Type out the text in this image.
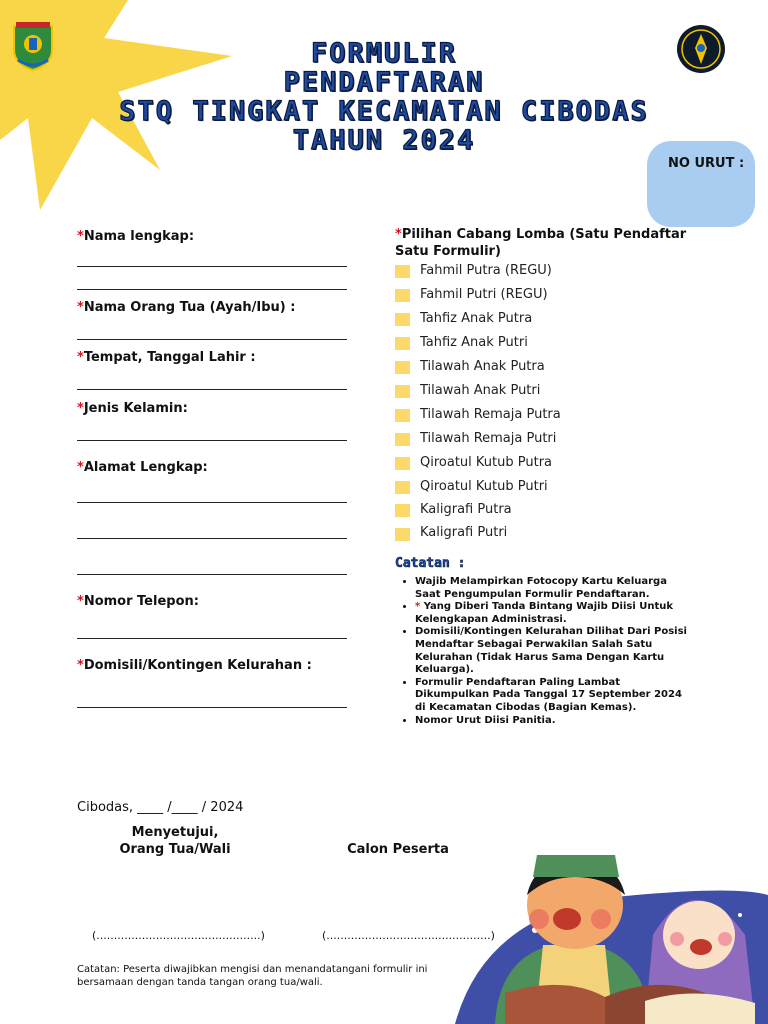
FORMULIR
PENDAFTARAN
STQ TINGKAT KECAMATAN CIBODAS
TAHUN 2024
NO URUT :
*Nama lengkap:
*Nama Orang Tua (Ayah/Ibu) :
*Tempat, Tanggal Lahir :
*Jenis Kelamin:
*Alamat Lengkap:
*Nomor Telepon:
*Domisili/Kontingen Kelurahan :
*Pilihan Cabang Lomba (Satu Pendaftar Satu Formulir)
Fahmil Putra (REGU)
Fahmil Putri (REGU)
Tahfiz Anak Putra
Tahfiz Anak Putri
Tilawah Anak Putra
Tilawah Anak Putri
Tilawah Remaja Putra
Tilawah Remaja Putri
Qiroatul Kutub Putra
Qiroatul Kutub Putri
Kaligrafi Putra
Kaligrafi Putri
Catatan :
• Wajib Melampirkan Fotocopy Kartu Keluarga Saat Pengumpulan Formulir Pendaftaran.
• * Yang Diberi Tanda Bintang Wajib Diisi Untuk Kelengkapan Administrasi.
• Domisili/Kontingen Kelurahan Dilihat Dari Posisi Mendaftar Sebagai Perwakilan Salah Satu Kelurahan (Tidak Harus Sama Dengan Kartu Keluarga).
• Formulir Pendaftaran Paling Lambat Dikumpulkan Pada Tanggal 17 September 2024 di Kecamatan Cibodas (Bagian Kemas).
• Nomor Urut Diisi Panitia.
Cibodas, ____ /____ / 2024
Menyetujui,
Orang Tua/Wali	Calon Peserta
(...............................................)	(...............................................)
Catatan: Peserta diwajibkan mengisi dan menandatangani formulir ini bersamaan dengan tanda tangan orang tua/wali.
